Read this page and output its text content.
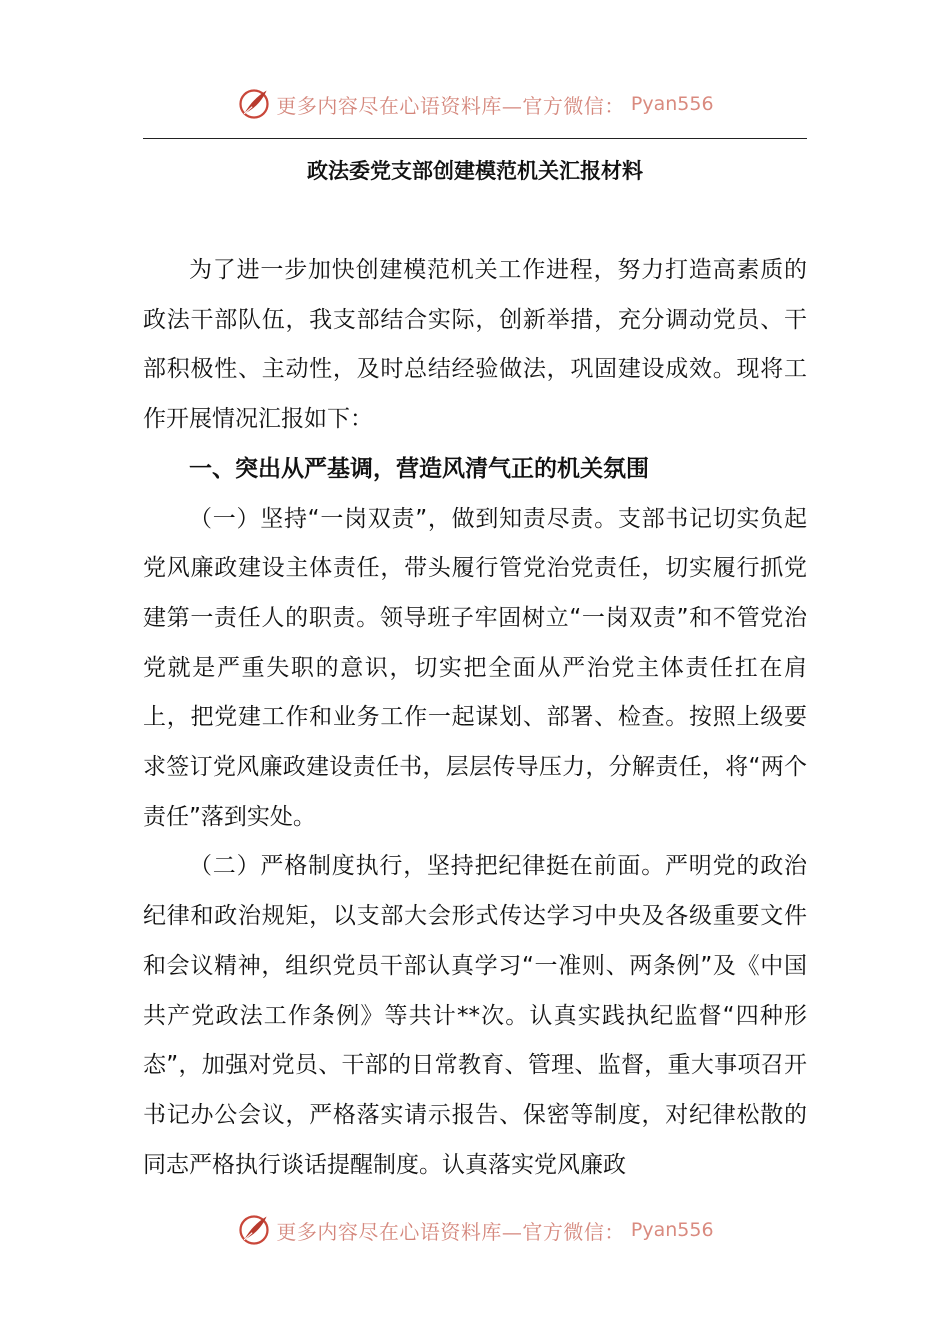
更多内容尽在心语资料库—官方微信： Pyan556
政法委党支部创建模范机关汇报材料

为了进一步加快创建模范机关工作进程，努力打造高素质的政法干部队伍，我支部结合实际，创新举措，充分调动党员、干部积极性、主动性，及时总结经验做法，巩固建设成效。现将工作开展情况汇报如下：

一、突出从严基调，营造风清气正的机关氛围

（一）坚持“一岗双责”，做到知责尽责。支部书记切实负起党风廉政建设主体责任，带头履行管党治党责任，切实履行抓党建第一责任人的职责。领导班子牢固树立“一岗双责”和不管党治党就是严重失职的意识，切实把全面从严治党主体责任扛在肩上，把党建工作和业务工作一起谋划、部署、检查。按照上级要求签订党风廉政建设责任书，层层传导压力，分解责任，将“两个责任”落到实处。

（二）严格制度执行，坚持把纪律挺在前面。严明党的政治纪律和政治规矩，以支部大会形式传达学习中央及各级重要文件和会议精神，组织党员干部认真学习“一准则、两条例”及《中国共产党政法工作条例》等共计**次。认真实践执纪监督“四种形态”，加强对党员、干部的日常教育、管理、监督，重大事项召开书记办公会议，严格落实请示报告、保密等制度，对纪律松散的同志严格执行谈话提醒制度。认真落实党风廉政

更多内容尽在心语资料库—官方微信： Pyan556
